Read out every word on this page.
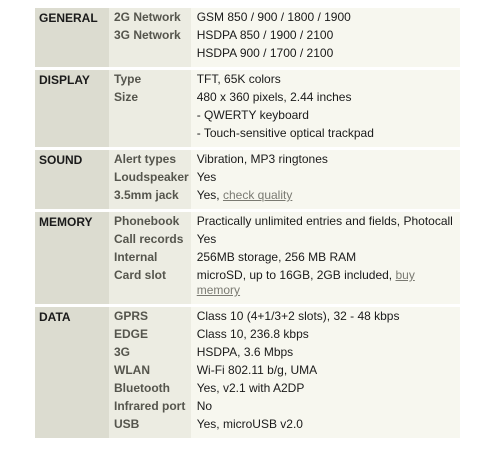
GENERAL	2G Network	GSM 850 / 900 / 1800 / 1900
	3G Network	HSDPA 850 / 1900 / 2100
		HSDPA 900 / 1700 / 2100

DISPLAY	Type	TFT, 65K colors
	Size	480 x 360 pixels, 2.44 inches
		- QWERTY keyboard
		- Touch-sensitive optical trackpad

SOUND	Alert types	Vibration, MP3 ringtones
	Loudspeaker	Yes
	3.5mm jack	Yes, check quality

MEMORY	Phonebook	Practically unlimited entries and fields, Photocall
	Call records	Yes
	Internal	256MB storage, 256 MB RAM
	Card slot	microSD, up to 16GB, 2GB included, buy memory

DATA	GPRS	Class 10 (4+1/3+2 slots), 32 - 48 kbps
	EDGE	Class 10, 236.8 kbps
	3G	HSDPA, 3.6 Mbps
	WLAN	Wi-Fi 802.11 b/g, UMA
	Bluetooth	Yes, v2.1 with A2DP
	Infrared port	No
	USB	Yes, microUSB v2.0
